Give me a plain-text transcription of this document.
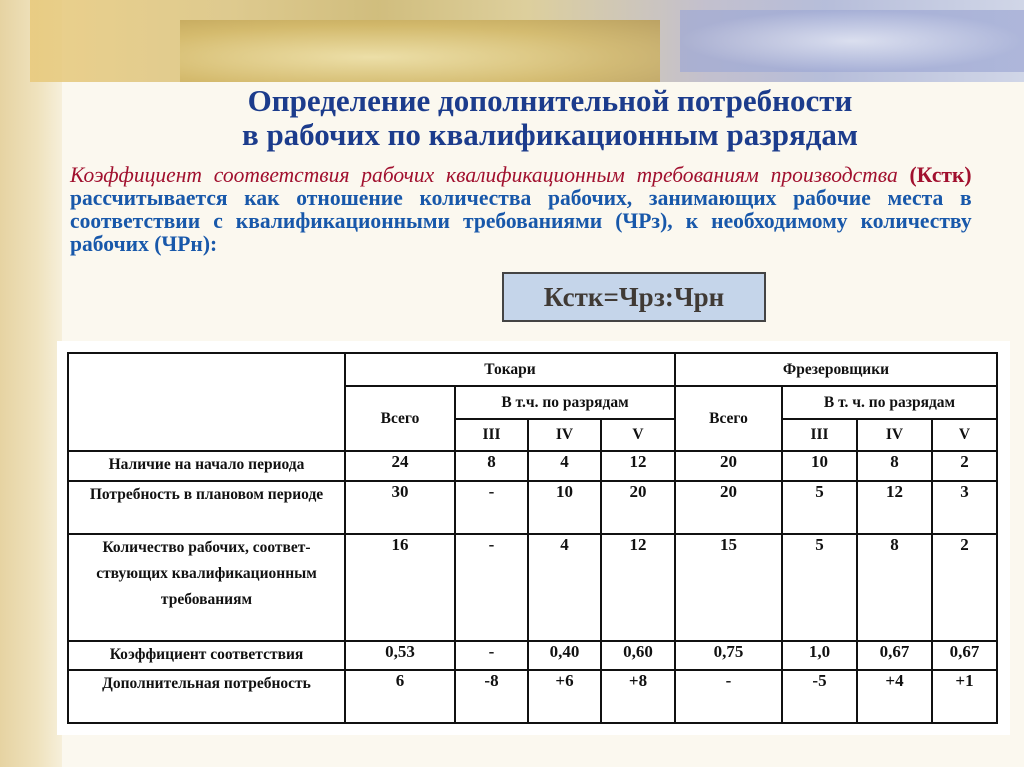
Определение дополнительной потребности
в рабочих по квалификационным разрядам
Коэффициент соответствия рабочих квалификационным требованиям производства (Кстк) рассчитывается как отношение количества рабочих, занимающих рабочие места в соответствии с квалификационными требованиями (ЧРз), к необходимому количеству рабочих (ЧРн):
Кстк=Чрз:Чрн
	Токари				Фрезеровщики			
	Всего	В т.ч. по разрядам			Всего	В т. ч. по разрядам		
		III	IV	V		III	IV	V
Наличие на начало периода	24	8	4	12	20	10	8	2
Потребность в плановом периоде	30	-	10	20	20	5	12	3
Количество рабочих, соответ-ствующих квалификационным требованиям	16	-	4	12	15	5	8	2
Коэффициент соответствия	0,53	-	0,40	0,60	0,75	1,0	0,67	0,67
Дополнительная потребность	6	-8	+6	+8	-	-5	+4	+1
